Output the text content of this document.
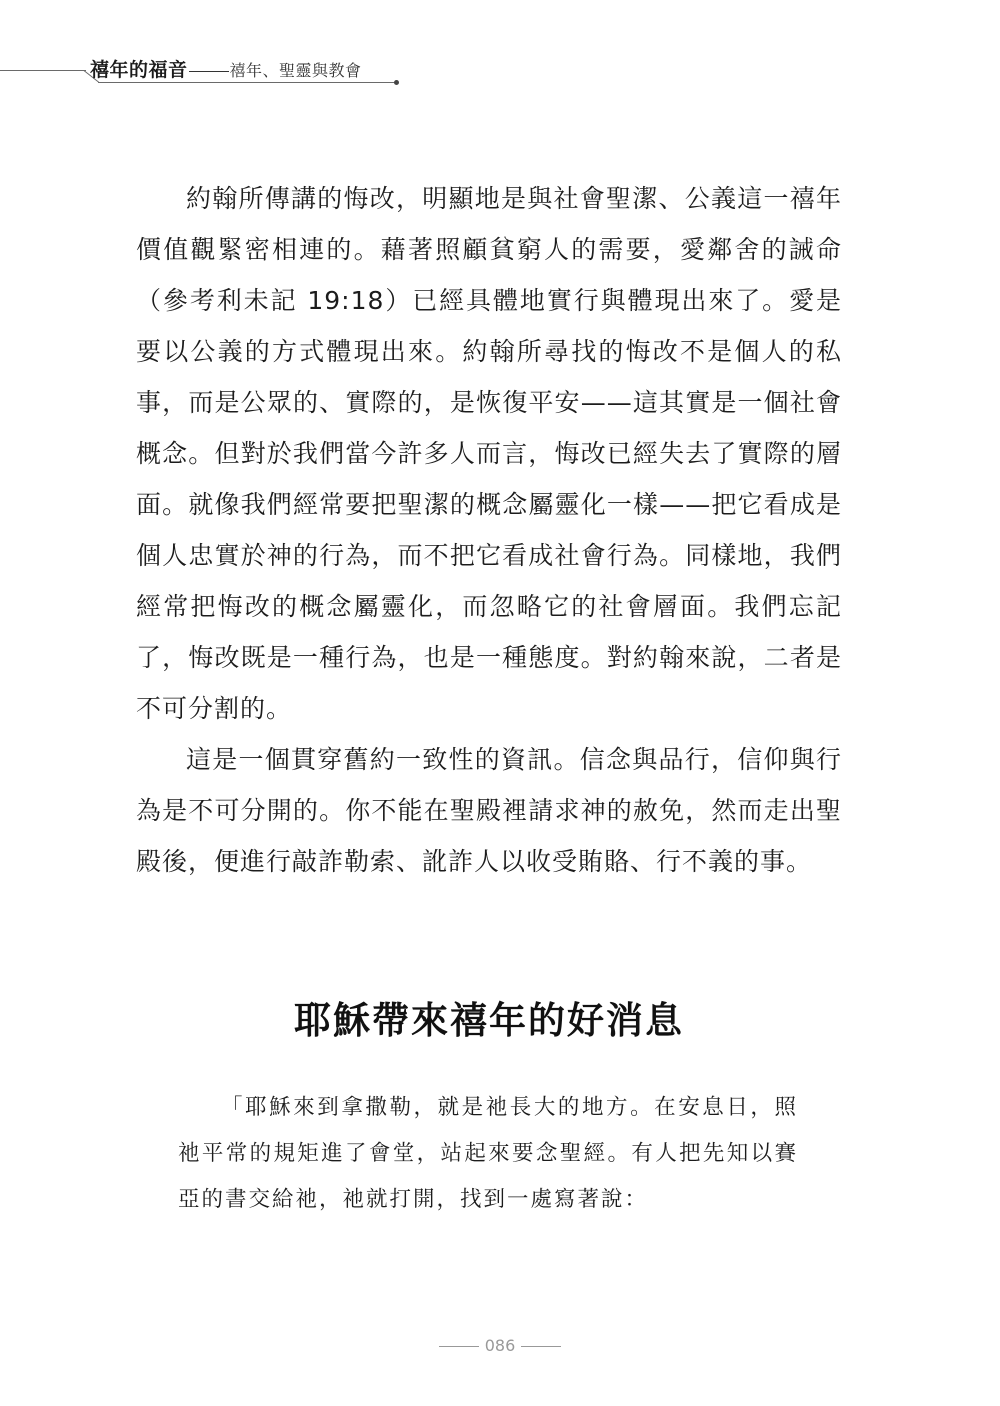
禧年的福音	禧年、聖靈與教會

約翰所傳講的悔改，明顯地是與社會聖潔、公義這一禧年價值觀緊密相連的。藉著照顧貧窮人的需要，愛鄰舍的誡命（參考利未記 19:18）已經具體地實行與體現出來了。愛是要以公義的方式體現出來。約翰所尋找的悔改不是個人的私事，而是公眾的、實際的，是恢復平安——這其實是一個社會概念。但對於我們當今許多人而言，悔改已經失去了實際的層面。就像我們經常要把聖潔的概念屬靈化一樣——把它看成是個人忠實於神的行為，而不把它看成社會行為。同樣地，我們經常把悔改的概念屬靈化，而忽略它的社會層面。我們忘記了，悔改既是一種行為，也是一種態度。對約翰來說，二者是不可分割的。

這是一個貫穿舊約一致性的資訊。信念與品行，信仰與行為是不可分開的。你不能在聖殿裡請求神的赦免，然而走出聖殿後，便進行敲詐勒索、訛詐人以收受賄賂、行不義的事。

耶穌帶來禧年的好消息

「耶穌來到拿撒勒，就是祂長大的地方。在安息日，照祂平常的規矩進了會堂，站起來要念聖經。有人把先知以賽亞的書交給祂，祂就打開，找到一處寫著說：

086
